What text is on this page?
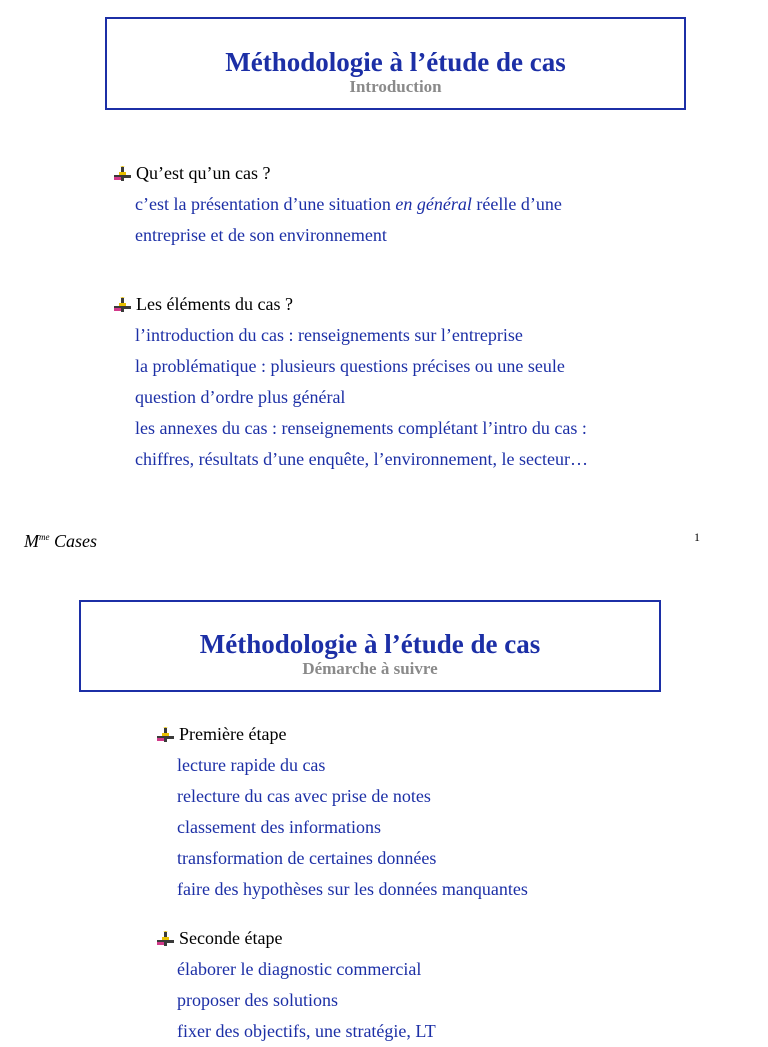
Méthodologie à l’étude de cas
Introduction
Qu’est qu’un cas ?
c’est la présentation d’une situation en général réelle d’une
entreprise et de son environnement
Les éléments du cas ?
l’introduction du cas : renseignements sur l’entreprise
la problématique : plusieurs questions précises ou une seule
question d’ordre plus général
les annexes du cas : renseignements complétant l’intro du cas :
chiffres, résultats d’une enquête, l’environnement, le secteur…
$M^{me}$ Cases	1
Méthodologie à l’étude de cas
Démarche à suivre
Première étape
lecture rapide du cas
relecture du cas avec prise de notes
classement des informations
transformation de certaines données
faire des hypothèses sur les données manquantes
Seconde étape
élaborer le diagnostic commercial
proposer des solutions
fixer des objectifs, une stratégie, LT
